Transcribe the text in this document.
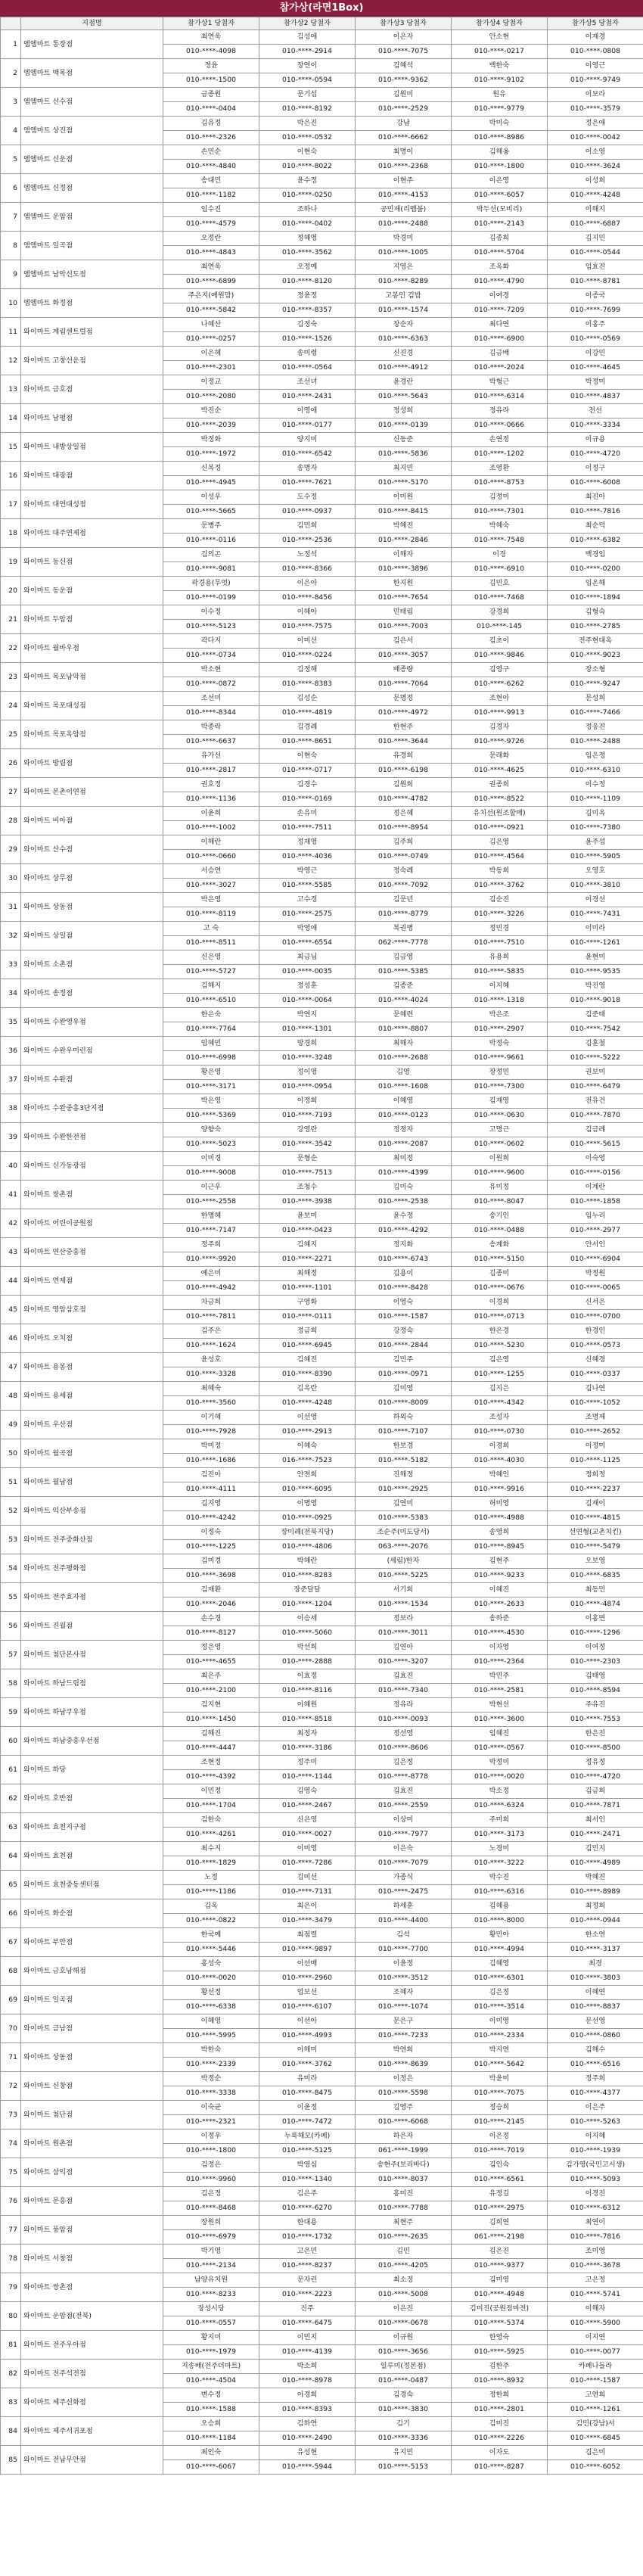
참가상(라면1Box)
	지점명	참가상1 당첨자	참가상2 당첨자	참가상3 당첨자	참가상4 당첨자	참가상5 당첨자
1	엠엠마트 통장점	최연욱	김성애	이은자	안소현	이재경
		010-****-4098	010-****-2914	010-****-7075	010-****-0217	010-****-0808
2	엠엠마트 백목점	정윤	장연이	김혜석	백한숙	이영근
		010-****-1500	010-****-0594	010-****-9362	010-****-9102	010-****-9749
3	엠엠마트 신수점	금종원	문기섭	김원미	원유	이보라
		010-****-0404	010-****-8192	010-****-2529	010-****-9779	010-****-3579
4	엠엠마트 상진점	김유정	박은진	강남	박미숙	정은애
		010-****-2326	010-****-0532	010-****-6662	010-****-8986	010-****-0042
5	엠엠마트 신운점	손민순	이현숙	최명이	김해옹	이소영
		010-****-4840	010-****-8022	010-****-2368	010-****-1800	010-****-3624
6	엠엠마트 신정점	송대민	윤수정	이현주	이은영	이성희
		010-****-1182	010-****-0250	010-****-4153	010-****-6057	010-****-4248
7	엠엠마트 운암점	임수진	조하나	공민재(리멤불)	박두선(모비리)	이해지
		010-****-4579	010-****-0402	010-****-2488	010-****-2143	010-****-6887
8	엠엠마트 일곡점	오정란	정혜영	박경미	김종희	김지민
		010-****-4843	010-****-3562	010-****-1005	010-****-5704	010-****-0544
9	엠엠마트 남악신도점	최연욱	오정예	지영은	조옥화	임효진
		010-****-6899	010-****-8120	010-****-8289	010-****-4790	010-****-8781
10	엠엠마트 화정점	주은지(예원맘)	정윤정	고봉민 김밥	이여경	이종국
		010-****-5842	010-****-8357	010-****-1574	010-****-7209	010-****-7699
11	와이마트 계림센트럴점	나혜산	김정숙	장순자	최다연	이홍주
		010-****-0257	010-****-1526	010-****-6363	010-****-6900	010-****-0569
12	와이마트 고창선운점	이은혜	송미령	신진경	김금배	이강민
		010-****-2301	010-****-0564	010-****-4912	010-****-2024	010-****-4645
13	와이마트 금호점	이정교	조선녀	윤경란	박형근	박정미
		010-****-2080	010-****-2431	010-****-5643	010-****-6314	010-****-4837
14	와이마트 남평점	박진순	이영애	정성희	정유라	전선
		010-****-2039	010-****-0177	010-****-0139	010-****-0666	010-****-3334
15	와이마트 내방상일점	박정화	양지미	신동준	손연정	이규용
		010-****-1972	010-****-6542	010-****-5836	010-****-1202	010-****-4720
16	와이마트 대광점	신복정	송명자	최지민	조영환	이정구
		010-****-4945	010-****-7621	010-****-5170	010-****-8753	010-****-6008
17	와이마트 대연대성점	이성우	도수정	이미원	김정미	최진아
		010-****-5665	010-****-0937	010-****-8415	010-****-7301	010-****-7816
18	와이마트 대주연제점	문병주	김민희	박혜진	박혜숙	최순덕
		010-****-0116	010-****-2536	010-****-2846	010-****-7548	010-****-6382
19	와이마트 동신점	김의곤	노정석	이해자	이경	백경임
		010-****-9081	010-****-8366	010-****-3896	010-****-6910	010-****-0200
20	와이마트 동운점	곽경용(무엇)	이은아	한지원	김민호	임온해
		010-****-0199	010-****-8456	010-****-7654	010-****-7468	010-****-1894
21	와이마트 두암점	이수정	이혜아	민태림	강경희	김형숙
		010-****-5123	010-****-7575	010-****-7003	010-****-145	010-****-2785
22	와이마트 월바우점	곽다지	이미선	김은서	김초이	전주현대옥
		010-****-0734	010-****-0224	010-****-3057	010-****-9846	010-****-9023
23	와이마트 목포남악점	박소현	김정해	배종량	김영구	장소형
		010-****-0872	010-****-8383	010-****-7064	010-****-6262	010-****-9247
24	와이마트 목포대성점	조선미	김성순	문명정	조현아	문성희
		010-****-8344	010-****-4819	010-****-4972	010-****-9913	010-****-7466
25	와이마트 목포옥암점	박종락	김경례	한현주	김경자	정웅진
		010-****-6637	010-****-8651	010-****-3644	010-****-9726	010-****-2488
26	와이마트 방림점	유가선	이현숙	유경희	문래화	임은정
		010-****-2817	010-****-0717	010-****-6198	010-****-4625	010-****-6310
27	와이마트 본촌이연점	권호정	김경수	김원희	권종희	이수정
		010-****-1136	010-****-0169	010-****-4782	010-****-8522	010-****-1109
28	와이마트 비아점	이윤희	손유미	정은혜	유치선(원조할매)	김미옥
		010-****-1002	010-****-7511	010-****-8954	010-****-0921	010-****-7380
29	와이마트 산수점	이해란	정재영	김주희	김은영	윤주섭
		010-****-0660	010-****-4036	010-****-0749	010-****-4564	010-****-5905
30	와이마트 상무점	서승연	박영근	정숙례	박동희	오영호
		010-****-3027	010-****-5585	010-****-7092	010-****-3762	010-****-3810
31	와이마트 상동점	박은영	고수경	김문년	김순진	이경선
		010-****-8119	010-****-2575	010-****-8779	010-****-3226	010-****-7431
32	와이마트 상일점	고 숙	박영애	복권병	정민경	이미라
		010-****-8511	010-****-6554	062-****-7778	010-****-7510	010-****-1261
33	와이마트 소촌점	신은영	최금님	김금영	유용희	윤현미
		010-****-5727	010-****-0035	010-****-5385	010-****-5835	010-****-9535
34	와이마트 송정점	김해지	정성훈	김종준	이지혜	박진영
		010-****-6510	010-****-0064	010-****-4024	010-****-1318	010-****-9018
35	와이마트 수완영우점	한은숙	박연지	문혜련	박은조	김준태
		010-****-7764	010-****-1301	010-****-8807	010-****-2907	010-****-7542
36	와이마트 수완우미린점	임혜민	방경희	최해자	박정숙	김훈철
		010-****-6998	010-****-3248	010-****-2688	010-****-9661	010-****-5222
37	와이마트 수완점	황은영	정이영	김영	장정민	권보미
		010-****-3171	010-****-0954	010-****-1608	010-****-7300	010-****-6479
38	와이마트 수완중흥3단지점	박은영	이정희	이혜영	김재영	전유건
		010-****-5369	010-****-7193	010-****-0123	010-****-0630	010-****-7870
39	와이마트 수완한전점	양향숙	강영란	정정자	고명근	김금례
		010-****-5023	010-****-3542	010-****-2087	010-****-0602	010-****-5615
40	와이마트 신가동광점	이미경	문형순	최미정	이원희	이숙영
		010-****-9008	010-****-7513	010-****-4399	010-****-9600	010-****-0156
41	와이마트 쌍촌점	이근우	조청수	김미숙	유미정	이계란
		010-****-2558	010-****-3938	010-****-2538	010-****-8047	010-****-1858
42	와이마트 어린이공원점	한명혜	윤보미	윤수정	송기인	임누리
		010-****-7147	010-****-0423	010-****-4292	010-****-0488	010-****-2977
43	와이마트 연산중흥점	정주희	김혜지	정지화	송계화	안서인
		010-****-9920	010-****-2271	010-****-6743	010-****-5150	010-****-6904
44	와이마트 연제점	예은미	최해정	김용이	김종미	박정원
		010-****-4942	010-****-1101	010-****-8428	010-****-0676	010-****-0065
45	와이마트 영암삼호점	차금희	구영화	이영숙	이경희	신서은
		010-****-7811	010-****-0111	010-****-1587	010-****-0713	010-****-0700
46	와이마트 오치점	김주은	정금희	강정숙	한은경	한경인
		010-****-1624	010-****-6945	010-****-2844	010-****-5230	010-****-0573
47	와이마트 용봉점	윤성호	김혜진	김민주	김은영	신혜경
		010-****-3328	010-****-8390	010-****-0971	010-****-1255	010-****-0337
48	와이마트 용세점	최혜숙	김옥란	김미영	김지은	김나연
		010-****-3560	010-****-4248	010-****-8009	010-****-4342	010-****-1052
49	와이마트 우산점	이기혜	이선영	하외숙	조성자	조명제
		010-****-7928	010-****-2913	010-****-7107	010-****-0730	010-****-2652
50	와이마트 월곡점	박미정	이혜숙	한보경	이경희	이정미
		010-****-1686	016-****-7523	010-****-5182	010-****-4030	010-****-1125
51	와이마트 월남점	김진아	안전희	진해정	박혜인	정희정
		010-****-4111	010-****-6095	010-****-2925	010-****-9916	010-****-2237
52	와이마트 익산부송점	김지영	이명영	김연미	허미영	김재이
		010-****-4242	010-****-0925	010-****-5383	010-****-4988	010-****-4815
53	와이마트 전주중화산점	이정숙	장미례(전북지당)	조순주(미도당서)	송영희	선연형(교촌치킨)
		010-****-1225	010-****-4806	063-****-2076	010-****-8945	010-****-5479
54	와이마트 전주평화점	김미경	박혜란	(세림)한자	김현주	오보영
		010-****-3698	010-****-8283	010-****-5225	010-****-9233	010-****-6835
55	와이마트 전주효자점	김재환	장준달달	서기희	이혜진	최동민
		010-****-2046	010-****-1204	010-****-1534	010-****-2633	010-****-4874
56	와이마트 진월점	손수경	이승세	정보라	송하준	이홍면
		010-****-8127	010-****-5060	010-****-3011	010-****-4530	010-****-1296
57	와이마트 첨단본사점	정은영	박선희	김연아	이자영	이여정
		010-****-4655	010-****-2888	010-****-3207	010-****-2364	010-****-2303
58	와이마트 하남드림점	최은주	이효정	김효진	박민주	김태영
		010-****-2100	010-****-8116	010-****-7340	010-****-2581	010-****-8594
59	와이마트 하남쿠우점	김지현	이혜원	정유라	박현선	주유진
		010-****-1450	010-****-8518	010-****-0093	010-****-3600	010-****-7553
60	와이마트 하남중흥우선점	김해진	최정자	정선영	임혜진	한은진
		010-****-4447	010-****-3186	010-****-8606	010-****-0567	010-****-8500
61	와이마트 하당	조현정	정주미	김은정	박정미	정유정
		010-****-4392	010-****-1144	010-****-8778	010-****-0020	010-****-4720
62	와이마트 호반점	이민정	김영숙	김효진	박소정	김금희
		010-****-1704	010-****-2467	010-****-2559	010-****-6324	010-****-7871
63	와이마트 효천지구점	김한숙	신은영	이상미	주미희	최서인
		010-****-4261	010-****-0027	010-****-7977	010-****-3173	010-****-2471
64	와이마트 효천점	최수지	이미영	이은숙	노경미	김민지
		010-****-1829	010-****-7286	010-****-7079	010-****-3222	010-****-4989
65	와이마트 효천중동센터점	노정	김미선	가종식	박수진	박혜진
		010-****-1186	010-****-7131	010-****-2475	010-****-6316	010-****-8989
66	와이마트 화순점	김옥	최은이	하세훈	김혜용	최정희
		010-****-0822	010-****-3479	010-****-4400	010-****-8000	010-****-0944
67	와이마트 부안점	한국예	최점렬	김석	황민아	한소연
		010-****-5446	010-****-9897	010-****-7700	010-****-4994	010-****-3137
68	와이마트 금호남해점	홍성숙	이선매	이윤정	김혜영	최경
		010-****-0020	010-****-2960	010-****-3512	010-****-6301	010-****-3803
69	와이마트 일곡점	황선정	엄보선	조혜자	김은정	이혜연
		010-****-6338	010-****-6107	010-****-1074	010-****-3514	010-****-8837
70	와이마트 금남점	이혜영	이선아	문은구	이미영	문선영
		010-****-5995	010-****-4993	010-****-7233	010-****-2334	010-****-0860
71	와이마트 상동점	박한숙	이해미	박연희	박지연	김해수
		010-****-2339	010-****-3762	010-****-8639	010-****-5642	010-****-6516
72	와이마트 신창점	박정순	유미라	이정은	박윤미	정주희
		010-****-3338	010-****-8475	010-****-5598	010-****-7075	010-****-4377
73	와이마트 첨단점	이숙균	이윤정	김영주	정승희	이은주
		010-****-2321	010-****-7472	010-****-6068	010-****-2145	010-****-5263
74	와이마트 원촌점	이정우	누룩해모(카페)	하은자	이은정	이지혜
		010-****-1800	010-****-5125	061-****-1999	010-****-7019	010-****-1939
75	와이마트 삼익점	김정은	박영심	송현주(보리바다)	김인숙	김가영(국민고시생)
		010-****-9960	010-****-1340	010-****-8037	010-****-6561	010-****-5093
76	와이마트 문흥점	김은정	김은주	홍미진	유정길	이경진
		010-****-8468	010-****-6270	010-****-7788	010-****-2975	010-****-6312
77	와이마트 풍암점	장원희	한대용	최현주	김희연	최연이
		010-****-6979	010-****-1732	010-****-2635	061-****-2198	010-****-7816
78	와이마트 서창점	박기영	고은민	김민	김은진	조미영
		010-****-2134	010-****-8237	010-****-4205	010-****-9377	010-****-3678
79	와이마트 쌍촌점	남양유치원	문자린	최소정	김미영	고은정
		010-****-8233	010-****-2223	010-****-5008	010-****-4948	010-****-5741
80	와이마트 운암점(전북)	장성시당	진주	이은진	김미진(공원점마전)	이해자
		010-****-0557	010-****-6475	010-****-0678	010-****-5374	010-****-5900
81	와이마트 전주우아점	황지미	이민지	이규원	한영숙	이지연
		010-****-1979	010-****-4139	010-****-3656	010-****-5925	010-****-0077
82	와이마트 전주석전점	지송배(전주더마트)	박소희	일루미(정본점)	김한주	카페나들라
		010-****-4504	010-****-8978	010-****-0487	010-****-8932	010-****-1587
83	와이마트 제주신화점	변수정	이경희	김경숙	정한희	고연희
		010-****-1588	010-****-8393	010-****-3830	010-****-2801	010-****-1261
84	와이마트 제주서귀포점	오승희	김하연	김기	김미진	김민(강남)서
		010-****-1184	010-****-2490	010-****-3336	010-****-2226	010-****-6845
85	와이마트 전남무안점	최인숙	유성현	유지민	이자도	김은미
		010-****-6067	010-****-5944	010-****-5153	010-****-8287	010-****-6052
